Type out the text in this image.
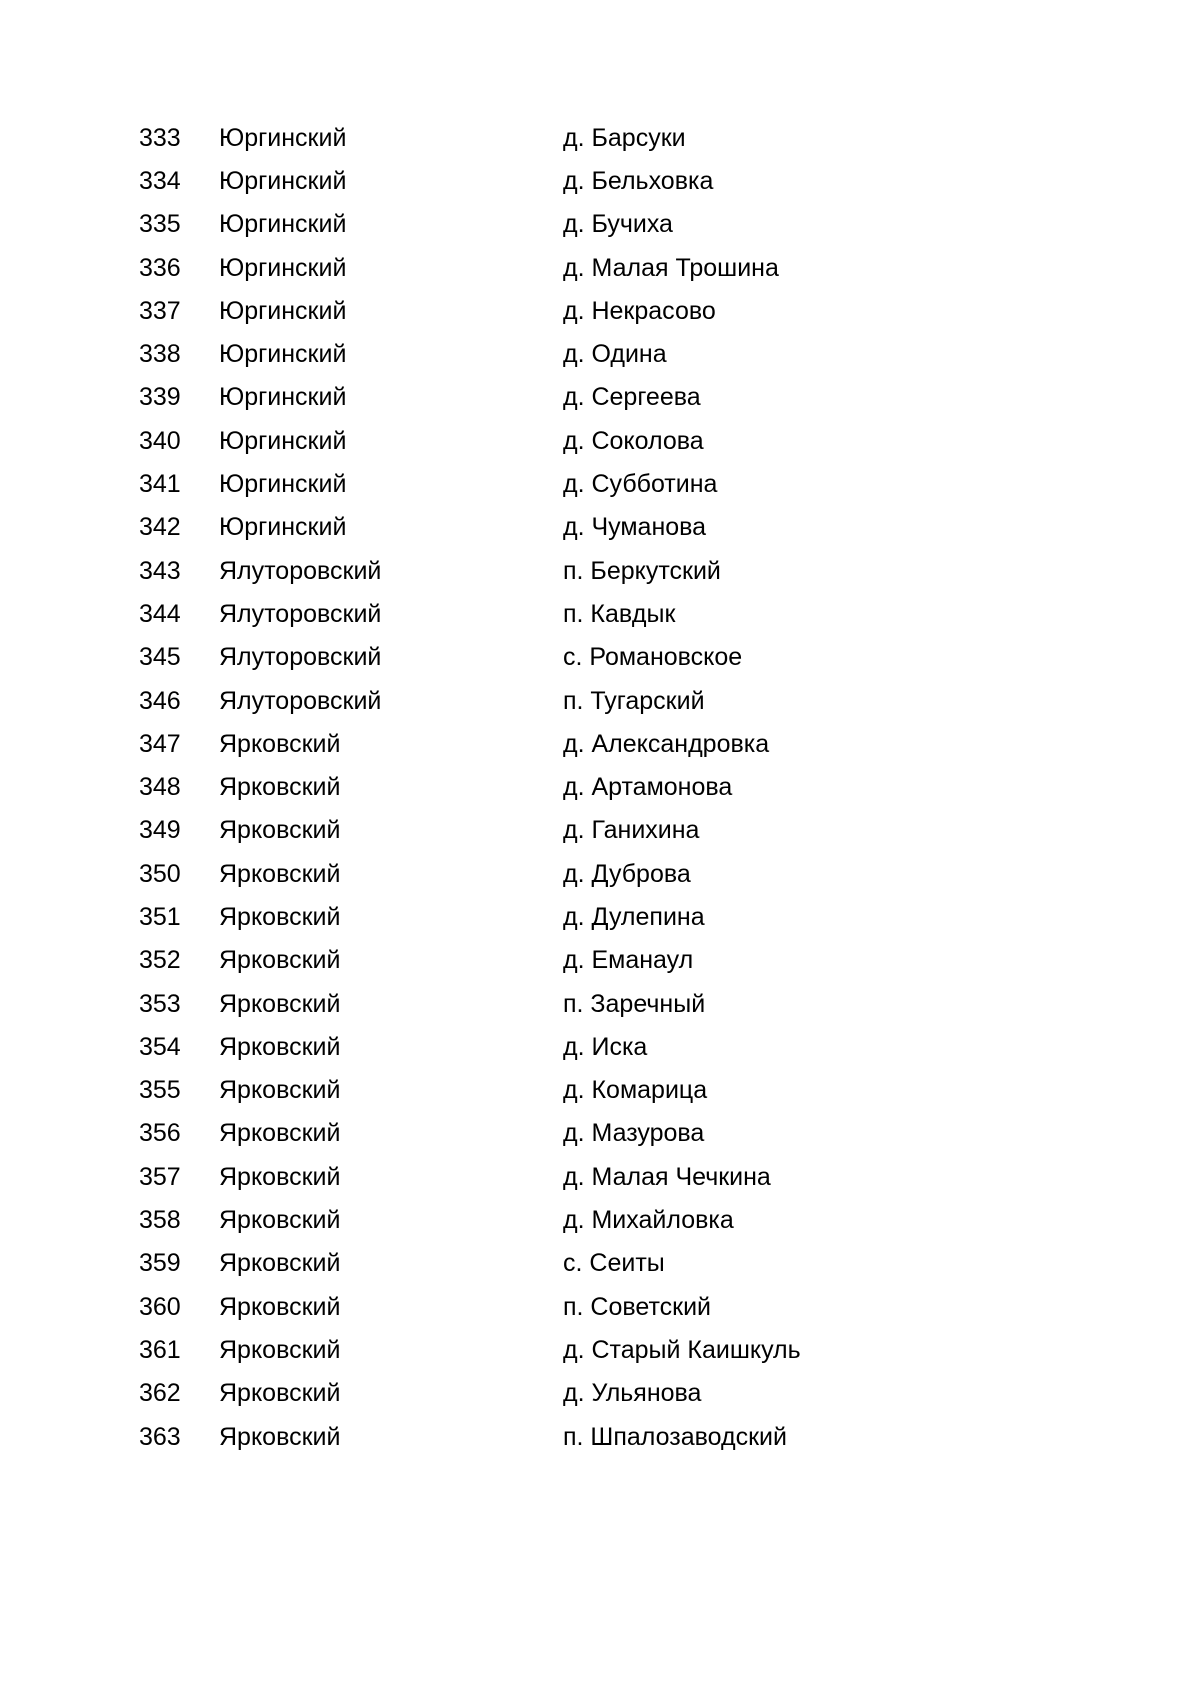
333	Юргинский	д. Барсуки
334	Юргинский	д. Бельховка
335	Юргинский	д. Бучиха
336	Юргинский	д. Малая Трошина
337	Юргинский	д. Некрасово
338	Юргинский	д. Одина
339	Юргинский	д. Сергеева
340	Юргинский	д. Соколова
341	Юргинский	д. Субботина
342	Юргинский	д. Чуманова
343	Ялуторовский	п. Беркутский
344	Ялуторовский	п. Кавдык
345	Ялуторовский	с. Романовское
346	Ялуторовский	п. Тугарский
347	Ярковский	д. Александровка
348	Ярковский	д. Артамонова
349	Ярковский	д. Ганихина
350	Ярковский	д. Дуброва
351	Ярковский	д. Дулепина
352	Ярковский	д. Еманаул
353	Ярковский	п. Заречный
354	Ярковский	д. Иска
355	Ярковский	д. Комарица
356	Ярковский	д. Мазурова
357	Ярковский	д. Малая Чечкина
358	Ярковский	д. Михайловка
359	Ярковский	с. Сеиты
360	Ярковский	п. Советский
361	Ярковский	д. Старый Каишкуль
362	Ярковский	д. Ульянова
363	Ярковский	п. Шпалозаводский
